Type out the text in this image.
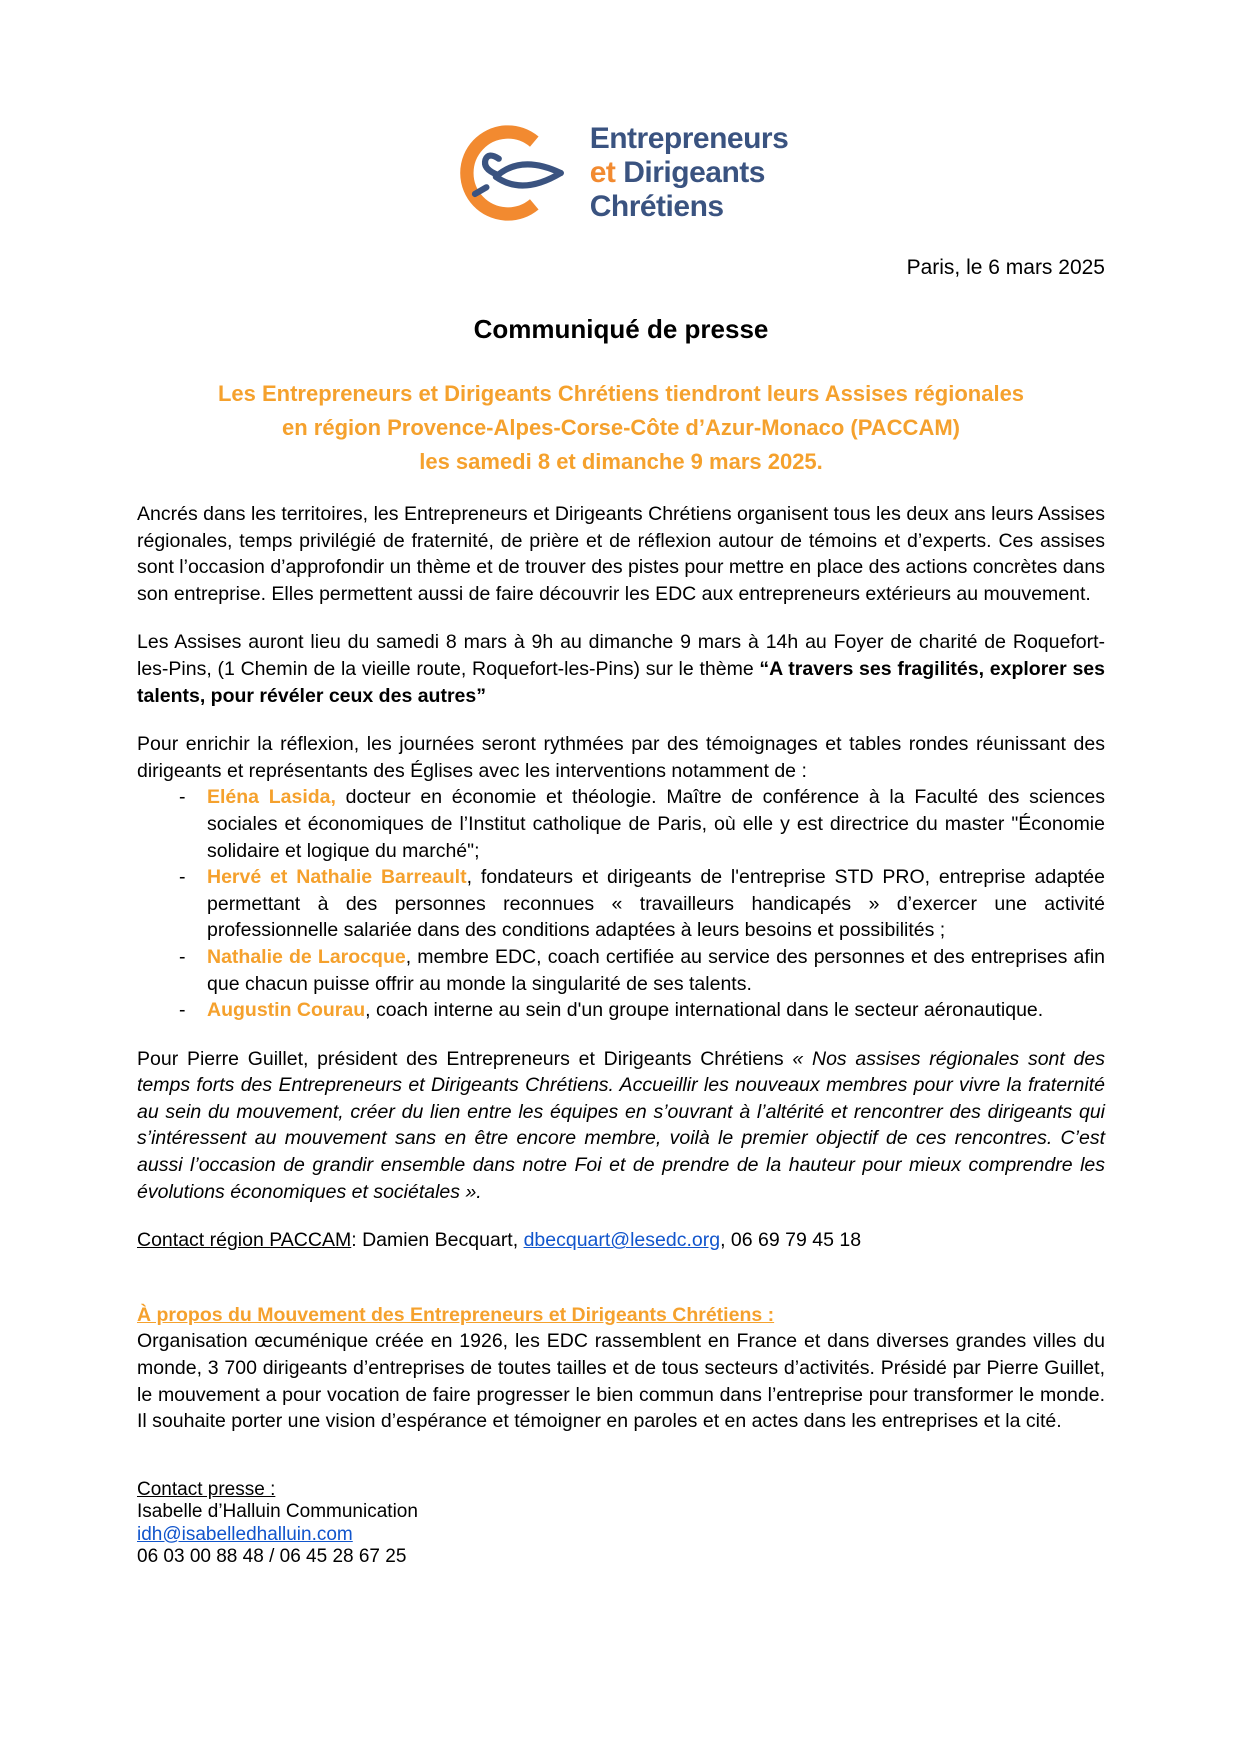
Entrepreneurs
et Dirigeants
Chrétiens

Paris, le 6 mars 2025

Communiqué de presse
Les Entrepreneurs et Dirigeants Chrétiens tiendront leurs Assises régionales
en région Provence-Alpes-Corse-Côte d’Azur-Monaco (PACCAM)
les samedi 8 et dimanche 9 mars 2025.

Ancrés dans les territoires, les Entrepreneurs et Dirigeants Chrétiens organisent tous les deux ans leurs Assises régionales, temps privilégié de fraternité, de prière et de réflexion autour de témoins et d’experts. Ces assises sont l’occasion d’approfondir un thème et de trouver des pistes pour mettre en place des actions concrètes dans son entreprise. Elles permettent aussi de faire découvrir les EDC aux entrepreneurs extérieurs au mouvement.

Les Assises auront lieu du samedi 8 mars à 9h au dimanche 9 mars à 14h au Foyer de charité de Roquefort-les-Pins, (1 Chemin de la vieille route, Roquefort-les-Pins) sur le thème “A travers ses fragilités, explorer ses talents, pour révéler ceux des autres”

Pour enrichir la réflexion, les journées seront rythmées par des témoignages et tables rondes réunissant des dirigeants et représentants des Églises avec les interventions notamment de :

- Eléna Lasida, docteur en économie et théologie. Maître de conférence à la Faculté des sciences sociales et économiques de l’Institut catholique de Paris, où elle y est directrice du master "Économie solidaire et logique du marché";
- Hervé et Nathalie Barreault, fondateurs et dirigeants de l'entreprise STD PRO, entreprise adaptée permettant à des personnes reconnues « travailleurs handicapés » d’exercer une activité professionnelle salariée dans des conditions adaptées à leurs besoins et possibilités ;
- Nathalie de Larocque, membre EDC, coach certifiée au service des personnes et des entreprises afin que chacun puisse offrir au monde la singularité de ses talents.
- Augustin Courau, coach interne au sein d'un groupe international dans le secteur aéronautique.

Pour Pierre Guillet, président des Entrepreneurs et Dirigeants Chrétiens « Nos assises régionales sont des temps forts des Entrepreneurs et Dirigeants Chrétiens. Accueillir les nouveaux membres pour vivre la fraternité au sein du mouvement, créer du lien entre les équipes en s’ouvrant à l’altérité et rencontrer des dirigeants qui s’intéressent au mouvement sans en être encore membre, voilà le premier objectif de ces rencontres. C’est aussi l’occasion de grandir ensemble dans notre Foi et de prendre de la hauteur pour mieux comprendre les évolutions économiques et sociétales ».

Contact région PACCAM: Damien Becquart, dbecquart@lesedc.org, 06 69 79 45 18

À propos du Mouvement des Entrepreneurs et Dirigeants Chrétiens :

Organisation œcuménique créée en 1926, les EDC rassemblent en France et dans diverses grandes villes du monde, 3 700 dirigeants d’entreprises de toutes tailles et de tous secteurs d’activités. Présidé par Pierre Guillet, le mouvement a pour vocation de faire progresser le bien commun dans l’entreprise pour transformer le monde. Il souhaite porter une vision d’espérance et témoigner en paroles et en actes dans les entreprises et la cité.

Contact presse :

Isabelle d’Halluin Communication

idh@isabelledhalluin.com

06 03 00 88 48 / 06 45 28 67 25
